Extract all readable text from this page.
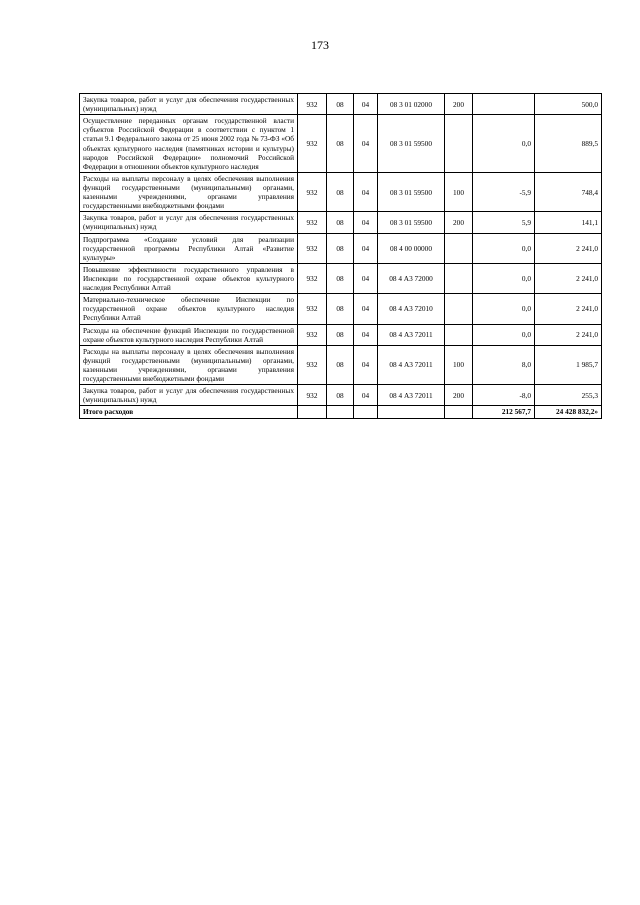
173
Закупка товаров, работ и услуг для обеспечения государственных (муниципальных) нужд	932	08	04	08 3 01 02000	200		500,0
Осуществление переданных органам государственной власти субъектов Российской Федерации в соответствии с пунктом 1 статьи 9.1 Федерального закона от 25 июня 2002 года № 73-ФЗ «Об объектах культурного наследия (памятниках истории и культуры) народов Российской Федерации» полномочий Российской Федерации в отношении объектов культурного наследия	932	08	04	08 3 01 59500		0,0	889,5
Расходы на выплаты персоналу в целях обеспечения выполнения функций государственными (муниципальными) органами, казенными учреждениями, органами управления государственными внебюджетными фондами	932	08	04	08 3 01 59500	100	-5,9	748,4
Закупка товаров, работ и услуг для обеспечения государственных (муниципальных) нужд	932	08	04	08 3 01 59500	200	5,9	141,1
Подпрограмма «Создание условий для реализации государственной программы Республики Алтай «Развитие культуры»	932	08	04	08 4 00 00000		0,0	2 241,0
Повышение эффективности государственного управления в Инспекции по государственной охране объектов культурного наследия Республики Алтай	932	08	04	08 4 А3 72000		0,0	2 241,0
Материально-техническое обеспечение Инспекции по государственной охране объектов культурного наследия Республики Алтай	932	08	04	08 4 А3 72010		0,0	2 241,0
Расходы на обеспечение функций Инспекции по государственной охране объектов культурного наследия Республики Алтай	932	08	04	08 4 А3 72011		0,0	2 241,0
Расходы на выплаты персоналу в целях обеспечения выполнения функций государственными (муниципальными) органами, казенными учреждениями, органами управления государственными внебюджетными фондами	932	08	04	08 4 А3 72011	100	8,0	1 985,7
Закупка товаров, работ и услуг для обеспечения государственных (муниципальных) нужд	932	08	04	08 4 А3 72011	200	-8,0	255,3
Итого расходов						212 567,7	24 428 832,2»
